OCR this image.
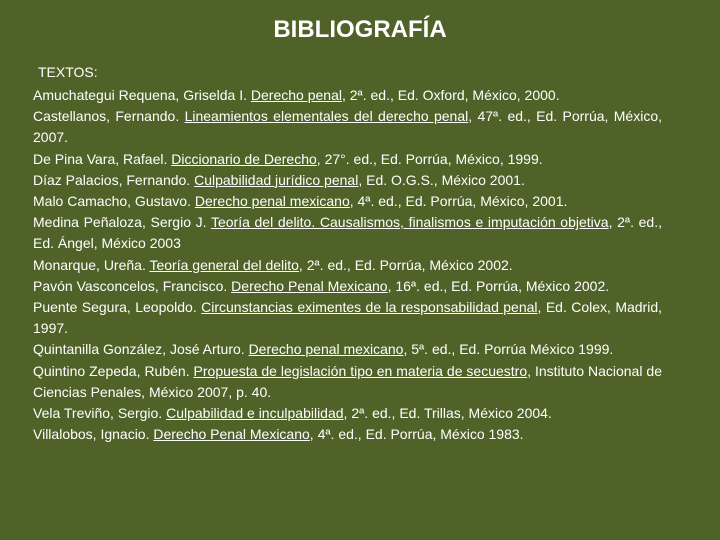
BIBLIOGRAFÍA
TEXTOS:
Amuchategui Requena, Griselda I. Derecho penal, 2ª. ed., Ed. Oxford, México, 2000.
Castellanos, Fernando. Lineamientos elementales del derecho penal, 47ª. ed., Ed. Porrúa, México, 2007.
De Pina Vara, Rafael. Diccionario de Derecho, 27°. ed., Ed. Porrúa, México, 1999.
Díaz Palacios, Fernando. Culpabilidad jurídico penal, Ed. O.G.S., México 2001.
Malo Camacho, Gustavo. Derecho penal mexicano, 4ª. ed., Ed. Porrúa, México, 2001.
Medina Peñaloza, Sergio J. Teoría del delito. Causalismos, finalismos e imputación objetiva, 2ª. ed., Ed. Ángel, México 2003
Monarque, Ureña. Teoría general del delito, 2ª. ed., Ed. Porrúa, México 2002.
Pavón Vasconcelos, Francisco. Derecho Penal Mexicano, 16ª. ed., Ed. Porrúa, México 2002.
Puente Segura, Leopoldo. Circunstancias eximentes de la responsabilidad penal, Ed. Colex, Madrid, 1997.
Quintanilla González, José Arturo. Derecho penal mexicano, 5ª. ed., Ed. Porrúa México 1999.
Quintino Zepeda, Rubén. Propuesta de legislación tipo en materia de secuestro, Instituto Nacional de Ciencias Penales, México 2007, p. 40.
Vela Treviño, Sergio. Culpabilidad e inculpabilidad, 2ª. ed., Ed. Trillas, México 2004.
Villalobos, Ignacio. Derecho Penal Mexicano, 4ª. ed., Ed. Porrúa, México 1983.
